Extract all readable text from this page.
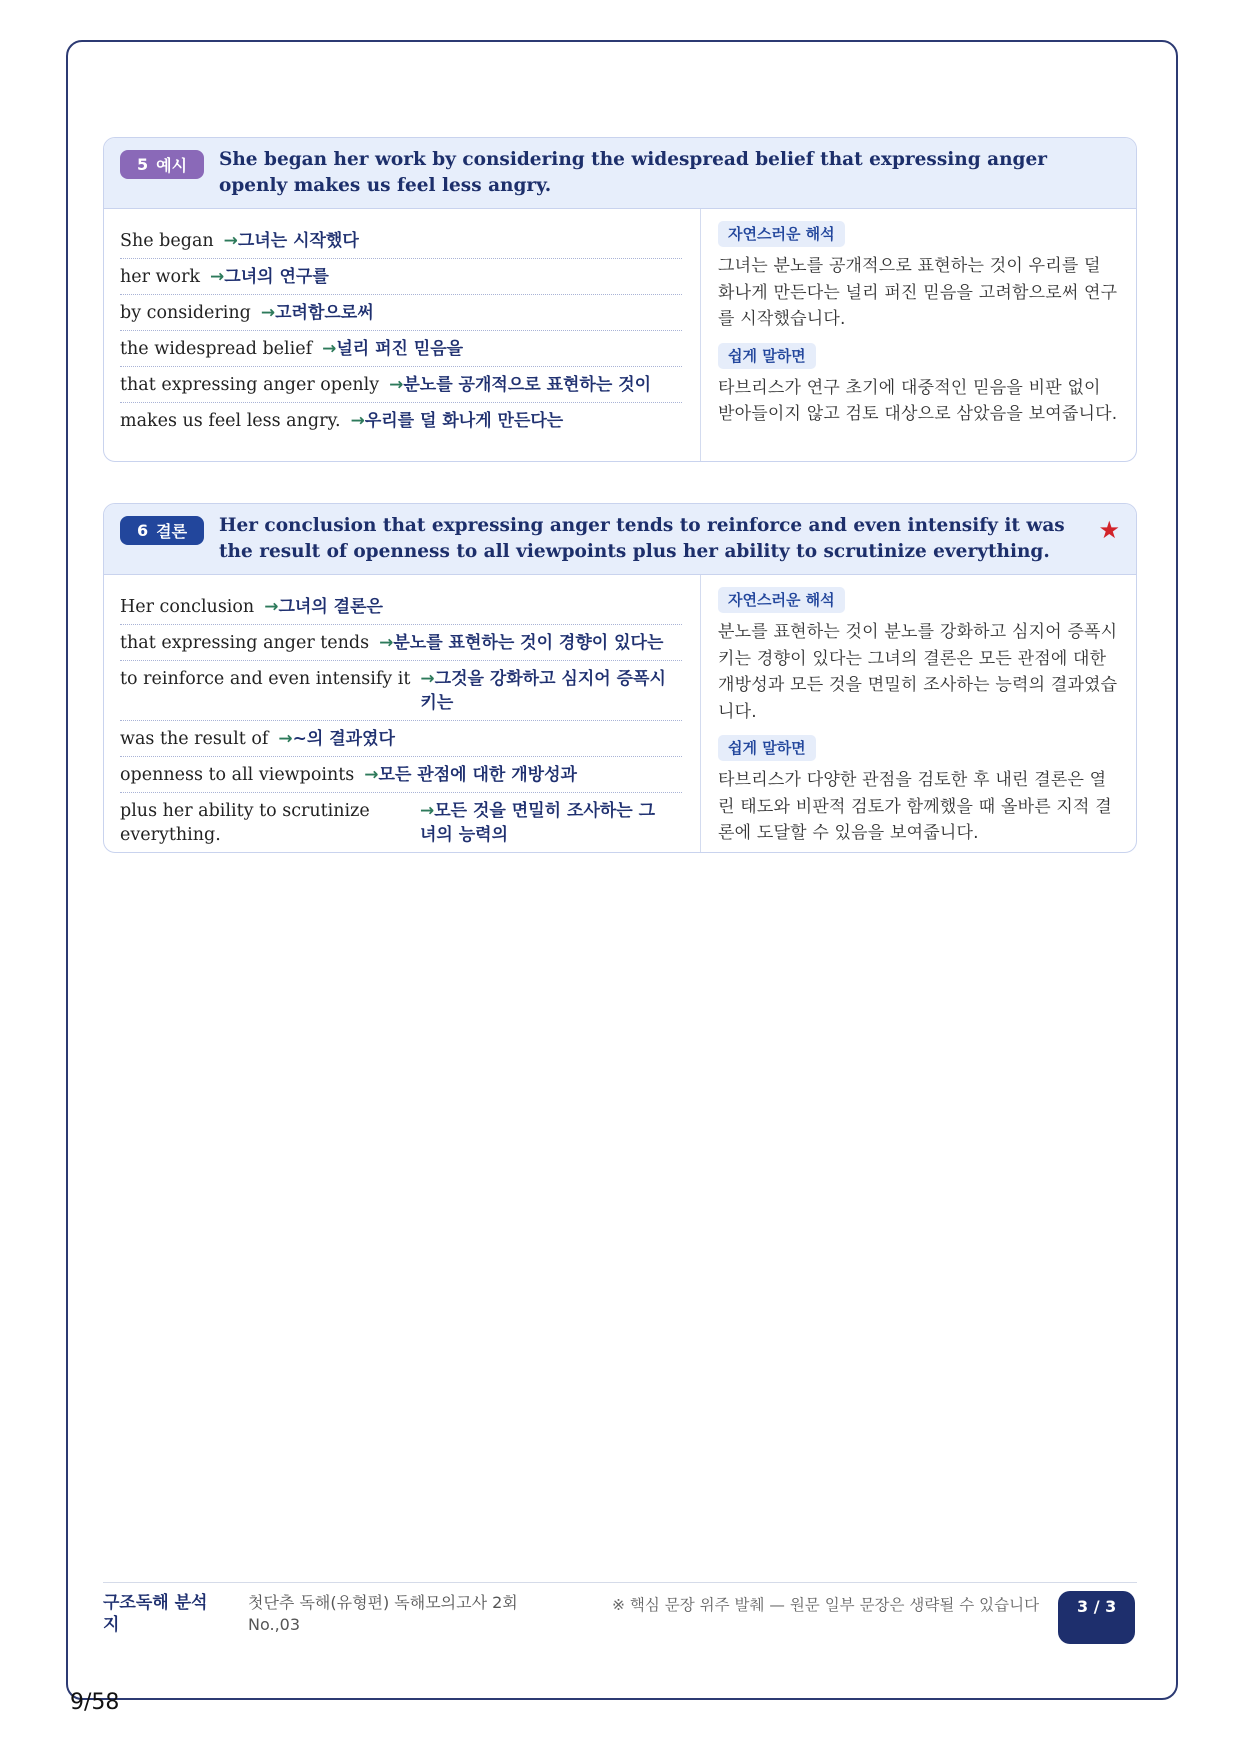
5 예시 She began her work by considering the widespread belief that expressing anger openly makes us feel less angry.
She began →그녀는 시작했다
her work →그녀의 연구를
by considering →고려함으로써
the widespread belief →널리 퍼진 믿음을
that expressing anger openly →분노를 공개적으로 표현하는 것이
makes us feel less angry. →우리를 덜 화나게 만든다는
자연스러운 해석

그녀는 분노를 공개적으로 표현하는 것이 우리를 덜 화나게 만든다는 널리 퍼진 믿음을 고려함으로써 연구를 시작했습니다.

쉽게 말하면

타브리스가 연구 초기에 대중적인 믿음을 비판 없이 받아들이지 않고 검토 대상으로 삼았음을 보여줍니다.

6 결론 Her conclusion that expressing anger tends to reinforce and even intensify it was the result of openness to all viewpoints plus her ability to scrutinize everything.
★
Her conclusion →그녀의 결론은
that expressing anger tends →분노를 표현하는 것이 경향이 있다는
to reinforce and even intensify it →그것을 강화하고 심지어 증폭시키는
was the result of →~의 결과였다
openness to all viewpoints →모든 관점에 대한 개방성과
plus her ability to scrutinize everything.
→모든 것을 면밀히 조사하는 그녀의 능력의
자연스러운 해석

분노를 표현하는 것이 분노를 강화하고 심지어 증폭시키는 경향이 있다는 그녀의 결론은 모든 관점에 대한 개방성과 모든 것을 면밀히 조사하는 능력의 결과였습니다.

쉽게 말하면

타브리스가 다양한 관점을 검토한 후 내린 결론은 열린 태도와 비판적 검토가 함께했을 때 올바른 지적 결론에 도달할 수 있음을 보여줍니다.

구조독해 분석지
첫단추 독해(유형편) 독해모의고사 2회
No.,03
※ 핵심 문장 위주 발췌 — 원문 일부 문장은 생략될 수 있습니다	3 / 3
9/58
